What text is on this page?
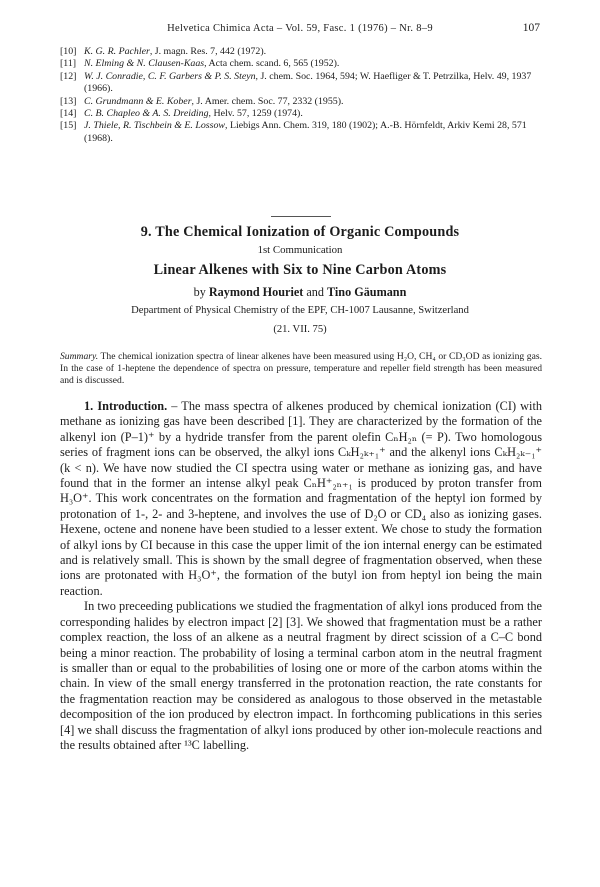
Helvetica Chimica Acta – Vol. 59, Fasc. 1 (1976) – Nr. 8–9	107
[10] K. G. R. Pachler, J. magn. Res. 7, 442 (1972).
[11] N. Elming & N. Clausen-Kaas, Acta chem. scand. 6, 565 (1952).
[12] W. J. Conradie, C. F. Garbers & P. S. Steyn, J. chem. Soc. 1964, 594; W. Haefliger & T. Petrzilka, Helv. 49, 1937 (1966).
[13] C. Grundmann & E. Kober, J. Amer. chem. Soc. 77, 2332 (1955).
[14] C. B. Chapleo & A. S. Dreiding, Helv. 57, 1259 (1974).
[15] J. Thiele, R. Tischbein & E. Lossow, Liebigs Ann. Chem. 319, 180 (1902); A.-B. Hörnfeldt, Arkiv Kemi 28, 571 (1968).
9. The Chemical Ionization of Organic Compounds
1st Communication
Linear Alkenes with Six to Nine Carbon Atoms
by Raymond Houriet and Tino Gäumann
Department of Physical Chemistry of the EPF, CH-1007 Lausanne, Switzerland
(21. VII. 75)
Summary. The chemical ionization spectra of linear alkenes have been measured using H₂O, CH₄ or CD₃OD as ionizing gas. In the case of 1-heptene the dependence of spectra on pressure, temperature and repeller field strength has been measured and is discussed.

1. Introduction. – The mass spectra of alkenes produced by chemical ionization (CI) with methane as ionizing gas have been described [1]. They are characterized by the formation of the alkenyl ion (P–1)⁺ by a hydride transfer from the parent olefin CₙH₂ₙ (= P). Two homologous series of fragment ions can be observed, the alkyl ions CₖH₂ₖ₊₁⁺ and the alkenyl ions CₖH₂ₖ₋₁⁺ (k < n). We have now studied the CI spectra using water or methane as ionizing gas, and have found that in the former an intense alkyl peak CₙH⁺₂ₙ₊₁ is produced by proton transfer from H₃O⁺. This work concentrates on the formation and fragmentation of the heptyl ion formed by protonation of 1-, 2- and 3-heptene, and involves the use of D₂O or CD₄ also as ionizing gases. Hexene, octene and nonene have been studied to a lesser extent. We chose to study the formation of alkyl ions by CI because in this case the upper limit of the ion internal energy can be estimated and is relatively small. This is shown by the small degree of fragmentation observed, when these ions are protonated with H₃O⁺, the formation of the butyl ion from heptyl ion being the main reaction.

In two preceeding publications we studied the fragmentation of alkyl ions produced from the corresponding halides by electron impact [2] [3]. We showed that fragmentation must be a rather complex reaction, the loss of an alkene as a neutral fragment by direct scission of a C–C bond being a minor reaction. The probability of losing a terminal carbon atom in the neutral fragment is smaller than or equal to the probabilities of losing one or more of the carbon atoms within the chain. In view of the small energy transferred in the protonation reaction, the rate constants for the fragmentation reaction may be considered as analogous to those observed in the metastable decomposition of the ion produced by electron impact. In forthcoming publications in this series [4] we shall discuss the fragmentation of alkyl ions produced by other ion-molecule reactions and the results obtained after ¹³C labelling.
